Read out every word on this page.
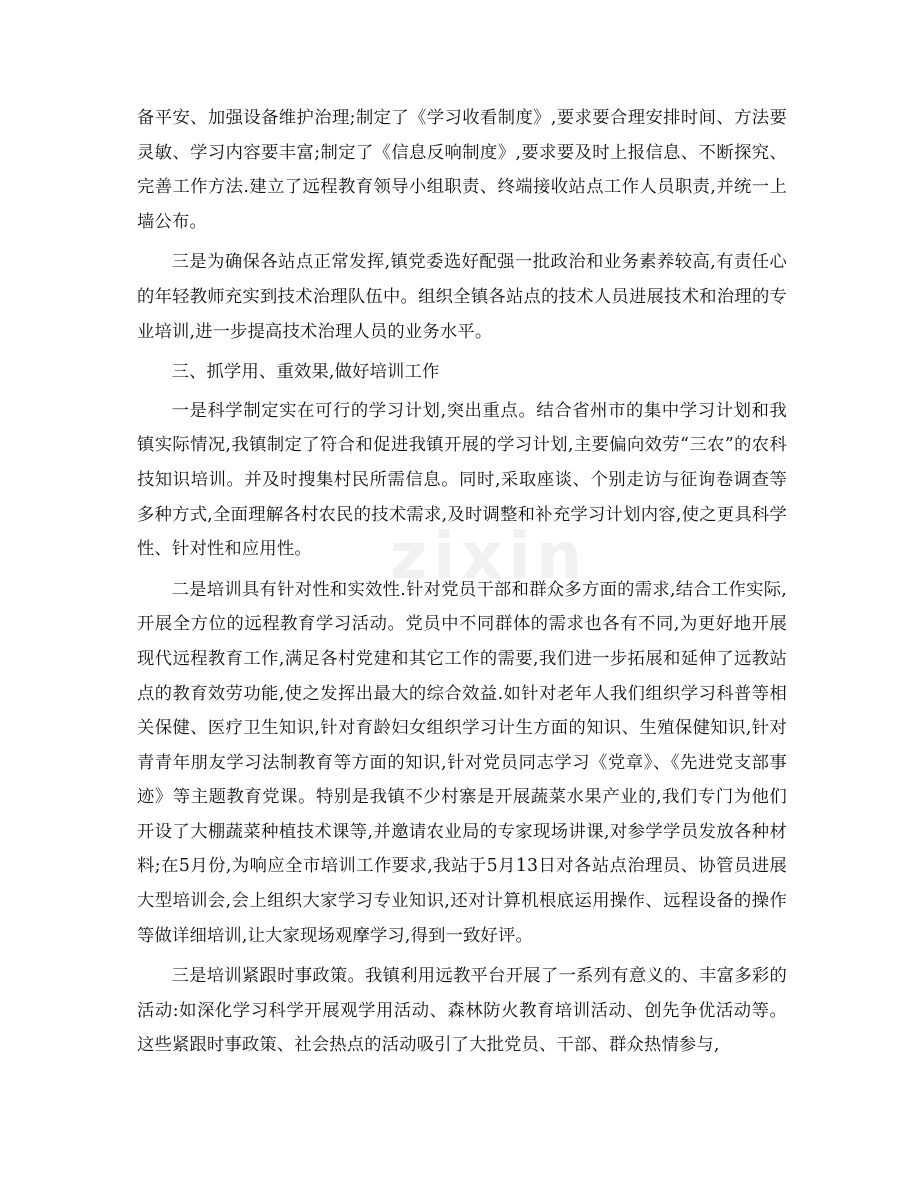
备平安、加强设备维护治理;制定了《学习收看制度》,要求要合理安排时间、方法要灵敏、学习内容要丰富;制定了《信息反响制度》,要求要及时上报信息、不断探究、完善工作方法.建立了远程教育领导小组职责、终端接收站点工作人员职责,并统一上墙公布。

三是为确保各站点正常发挥,镇党委选好配强一批政治和业务素养较高,有责任心的年轻教师充实到技术治理队伍中。组织全镇各站点的技术人员进展技术和治理的专业培训,进一步提高技术治理人员的业务水平。

三、抓学用、重效果,做好培训工作

一是科学制定实在可行的学习计划,突出重点。结合省州市的集中学习计划和我镇实际情况,我镇制定了符合和促进我镇开展的学习计划,主要偏向效劳“三农”的农科技知识培训。并及时搜集村民所需信息。同时,采取座谈、个别走访与征询卷调查等多种方式,全面理解各村农民的技术需求,及时调整和补充学习计划内容,使之更具科学性、针对性和应用性。

二是培训具有针对性和实效性.针对党员干部和群众多方面的需求,结合工作实际,开展全方位的远程教育学习活动。党员中不同群体的需求也各有不同,为更好地开展现代远程教育工作,满足各村党建和其它工作的需要,我们进一步拓展和延伸了远教站点的教育效劳功能,使之发挥出最大的综合效益.如针对老年人我们组织学习科普等相关保健、医疗卫生知识,针对育龄妇女组织学习计生方面的知识、生殖保健知识,针对青青年朋友学习法制教育等方面的知识,针对党员同志学习《党章》、《先进党支部事迹》等主题教育党课。特别是我镇不少村寨是开展蔬菜水果产业的,我们专门为他们开设了大棚蔬菜种植技术课等,并邀请农业局的专家现场讲课,对参学学员发放各种材料;在5月份,为响应全市培训工作要求,我站于5月13日对各站点治理员、协管员进展大型培训会,会上组织大家学习专业知识,还对计算机根底运用操作、远程设备的操作等做详细培训,让大家现场观摩学习,得到一致好评。

三是培训紧跟时事政策。我镇利用远教平台开展了一系列有意义的、丰富多彩的活动:如深化学习科学开展观学用活动、森林防火教育培训活动、创先争优活动等。这些紧跟时事政策、社会热点的活动吸引了大批党员、干部、群众热情参与,

zixin
